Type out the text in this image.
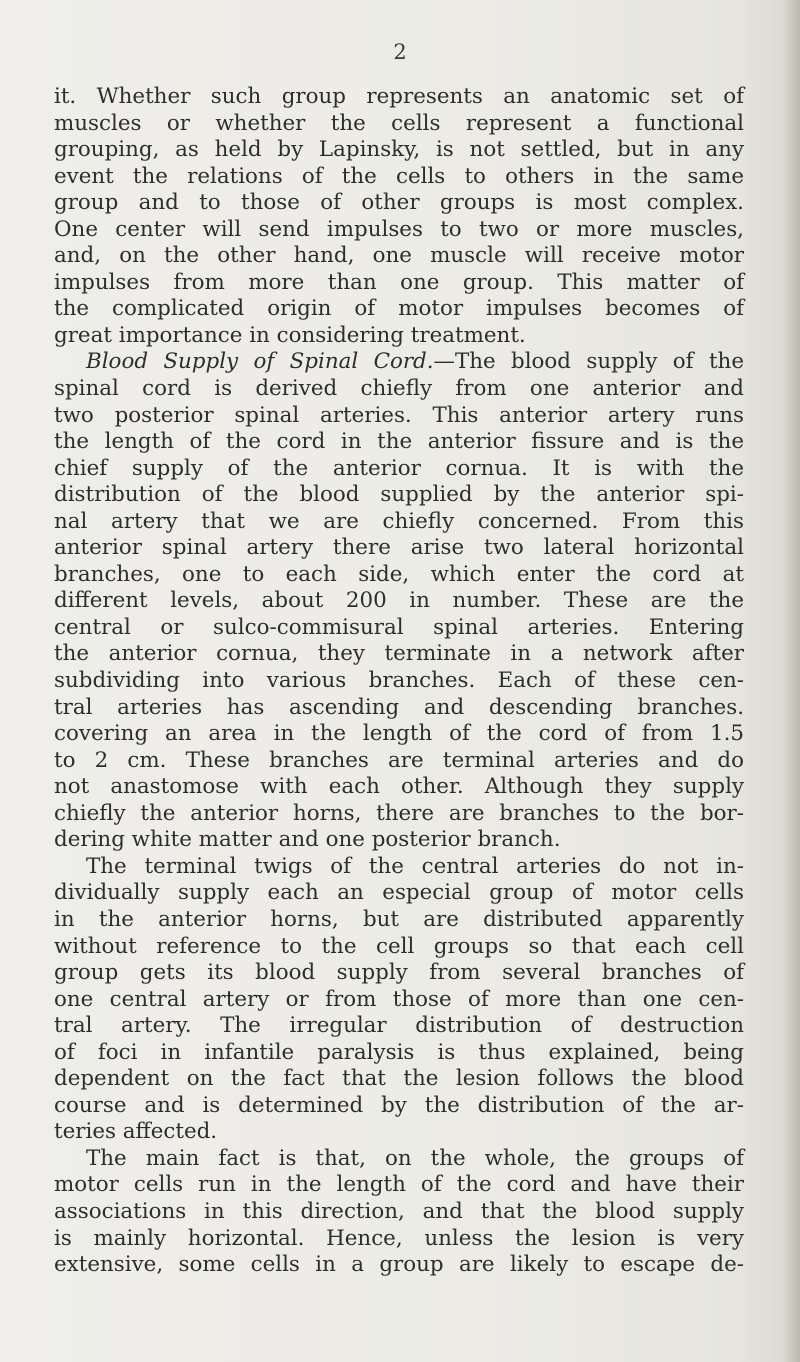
2
it. Whether such group represents an anatomic set of
muscles or whether the cells represent a functional
grouping, as held by Lapinsky, is not settled, but in any
event the relations of the cells to others in the same
group and to those of other groups is most complex.
One center will send impulses to two or more muscles,
and, on the other hand, one muscle will receive motor
impulses from more than one group. This matter of
the complicated origin of motor impulses becomes of
great importance in considering treatment.
Blood Supply of Spinal Cord.—The blood supply of the
spinal cord is derived chiefly from one anterior and
two posterior spinal arteries. This anterior artery runs
the length of the cord in the anterior fissure and is the
chief supply of the anterior cornua. It is with the
distribution of the blood supplied by the anterior spi-
nal artery that we are chiefly concerned. From this
anterior spinal artery there arise two lateral horizontal
branches, one to each side, which enter the cord at
different levels, about 200 in number. These are the
central or sulco-commisural spinal arteries. Entering
the anterior cornua, they terminate in a network after
subdividing into various branches. Each of these cen-
tral arteries has ascending and descending branches.
covering an area in the length of the cord of from 1.5
to 2 cm. These branches are terminal arteries and do
not anastomose with each other. Although they supply
chiefly the anterior horns, there are branches to the bor-
dering white matter and one posterior branch.
The terminal twigs of the central arteries do not in-
dividually supply each an especial group of motor cells
in the anterior horns, but are distributed apparently
without reference to the cell groups so that each cell
group gets its blood supply from several branches of
one central artery or from those of more than one cen-
tral artery. The irregular distribution of destruction
of foci in infantile paralysis is thus explained, being
dependent on the fact that the lesion follows the blood
course and is determined by the distribution of the ar-
teries affected.
The main fact is that, on the whole, the groups of
motor cells run in the length of the cord and have their
associations in this direction, and that the blood supply
is mainly horizontal. Hence, unless the lesion is very
extensive, some cells in a group are likely to escape de-
